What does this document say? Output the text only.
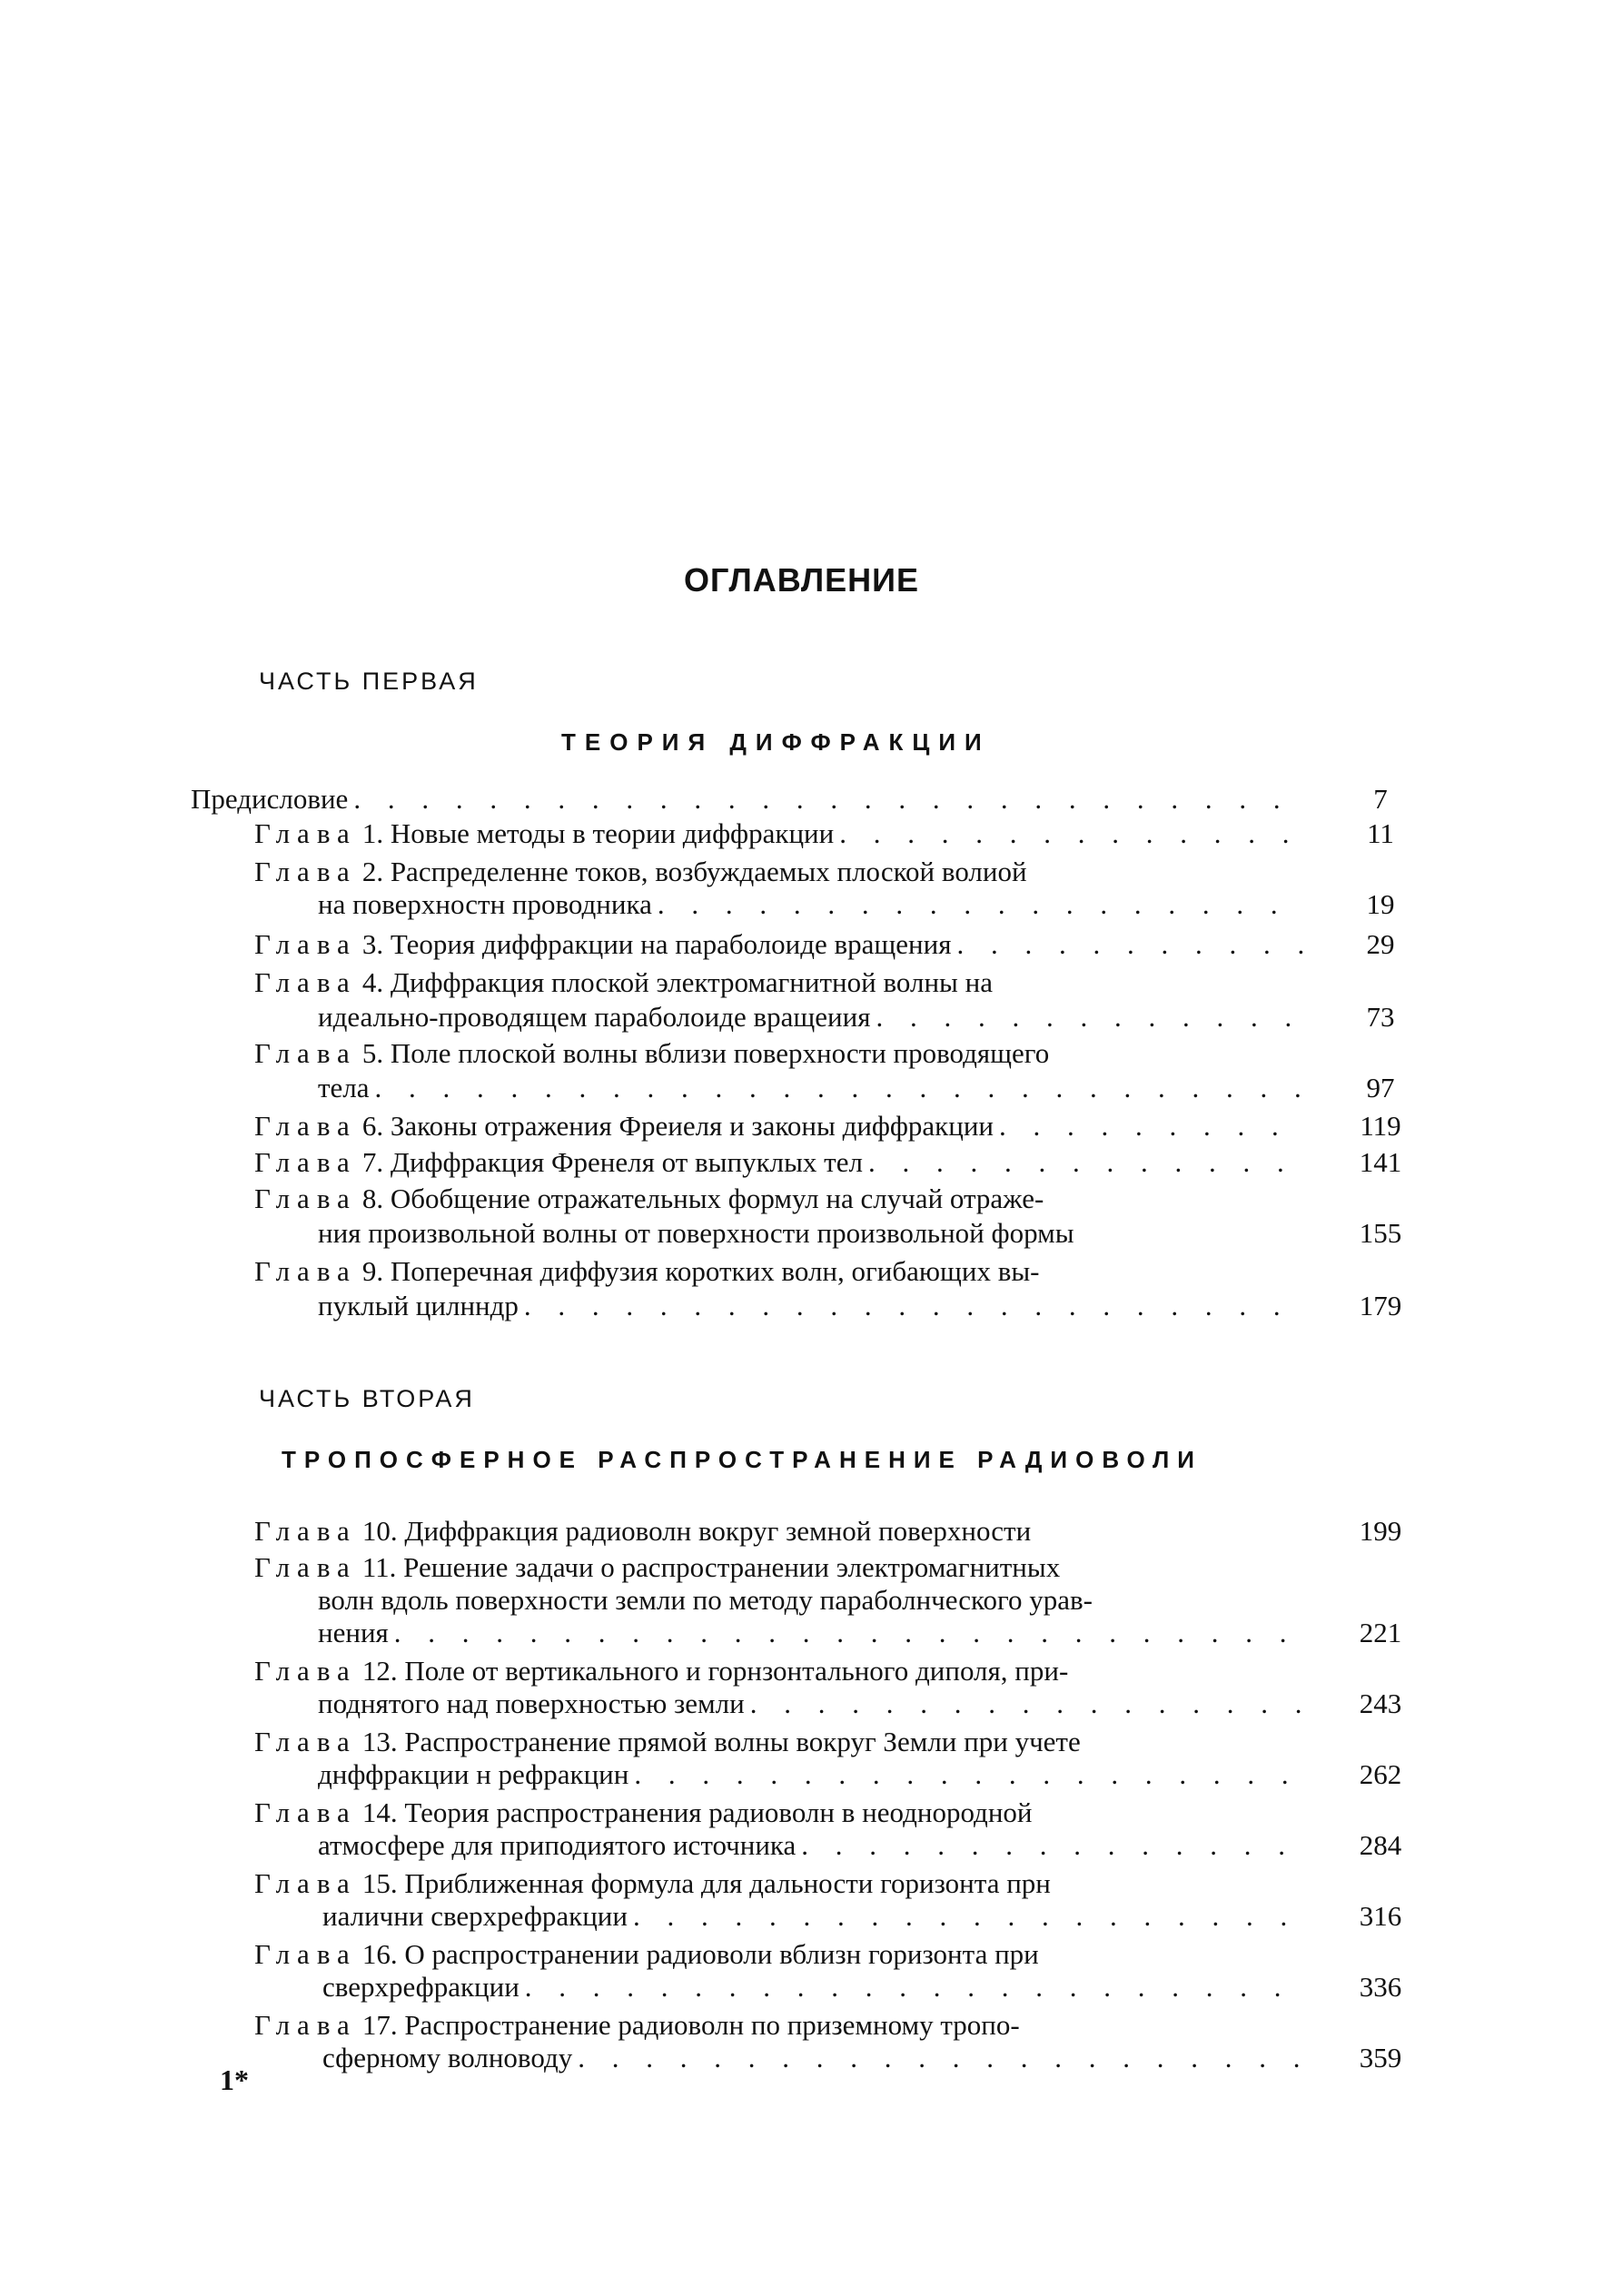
ОГЛАВЛЕНИЕ
ЧАСТЬ ПЕРВАЯ
ТЕОРИЯ ДИФФРАКЦИИ
Предисловие . . .	7
Глава 1. Новые методы в теории диффракции . . .	11
Глава 2. Распределенне токов, возбуждаемых плоской волиой
на поверхностн проводника . . .	19
Глава 3. Теория диффракции на параболоиде вращения . . .	29
Глава 4. Диффракция плоской электромагнитной волны на
идеально-проводящем параболоиде вращеиия . . .	73
Глава 5. Поле плоской волны вблизи поверхности проводящего
тела . . .	97
Глава 6. Законы отражения Фреиеля и законы диффракции . . .	119
Глава 7. Диффракция Френеля от выпуклых тел . . .	141
Глава 8. Обобщение отражательных формул на случай отраже-
ния произвольной волны от поверхности произвольной формы	155
Глава 9. Поперечная диффузия коротких волн, огибающих вы-
пуклый цилнндр . . .	179
ЧАСТЬ ВТОРАЯ
ТРОПОСФЕРНОЕ РАСПРОСТРАНЕНИЕ РАДИОВОЛИ
Глава 10. Диффракция радиоволн вокруг земной поверхности	199
Глава 11. Решение задачи о распространении электромагнитных
волн вдоль поверхности земли по методу параболнческого урав-
нения . . .	221
Глава 12. Поле от вертикального и горнзонтального диполя, при-
поднятого над поверхностью земли . . .	243
Глава 13. Распространение прямой волны вокруг Земли при учете
днффракции н рефракцин . . .	262
Глава 14. Теория распространения радиоволн в неоднородной
атмосфере для приподиятого источника . . .	284
Глава 15. Приближенная формула для дальности горизонта прн
иалични сверхрефракции . . .	316
Глава 16. О распространении радиоволи вблизн горизонта при
сверхрефракции . . .	336
Глава 17. Распространение радиоволн по приземному тропо-
сферному волноводу . . .	359
1*
